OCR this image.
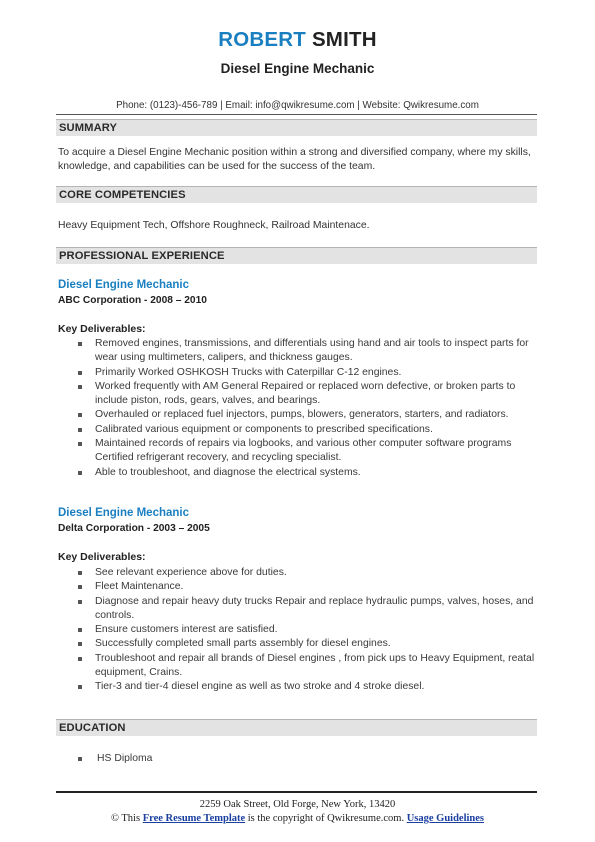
ROBERT SMITH
Diesel Engine Mechanic
Phone: (0123)-456-789 | Email: info@qwikresume.com | Website: Qwikresume.com
SUMMARY
To acquire a Diesel Engine Mechanic position within a strong and diversified company, where my skills, knowledge, and capabilities can be used for the success of the team.
CORE COMPETENCIES
Heavy Equipment Tech, Offshore Roughneck, Railroad Maintenace.
PROFESSIONAL EXPERIENCE
Diesel Engine Mechanic
ABC Corporation - 2008 – 2010
Key Deliverables:
Removed engines, transmissions, and differentials using hand and air tools to inspect parts for wear using multimeters, calipers, and thickness gauges.
Primarily Worked OSHKOSH Trucks with Caterpillar C-12 engines.
Worked frequently with AM General Repaired or replaced worn defective, or broken parts to include piston, rods, gears, valves, and bearings.
Overhauled or replaced fuel injectors, pumps, blowers, generators, starters, and radiators.
Calibrated various equipment or components to prescribed specifications.
Maintained records of repairs via logbooks, and various other computer software programs Certified refrigerant recovery, and recycling specialist.
Able to troubleshoot, and diagnose the electrical systems.
Diesel Engine Mechanic
Delta Corporation - 2003 – 2005
Key Deliverables:
See relevant experience above for duties.
Fleet Maintenance.
Diagnose and repair heavy duty trucks Repair and replace hydraulic pumps, valves, hoses, and controls.
Ensure customers interest are satisfied.
Successfully completed small parts assembly for diesel engines.
Troubleshoot and repair all brands of Diesel engines , from pick ups to Heavy Equipment, reatal equipment, Crains.
Tier-3 and tier-4 diesel engine as well as two stroke and 4 stroke diesel.
EDUCATION
HS Diploma
2259 Oak Street, Old Forge, New York, 13420
© This Free Resume Template is the copyright of Qwikresume.com. Usage Guidelines
